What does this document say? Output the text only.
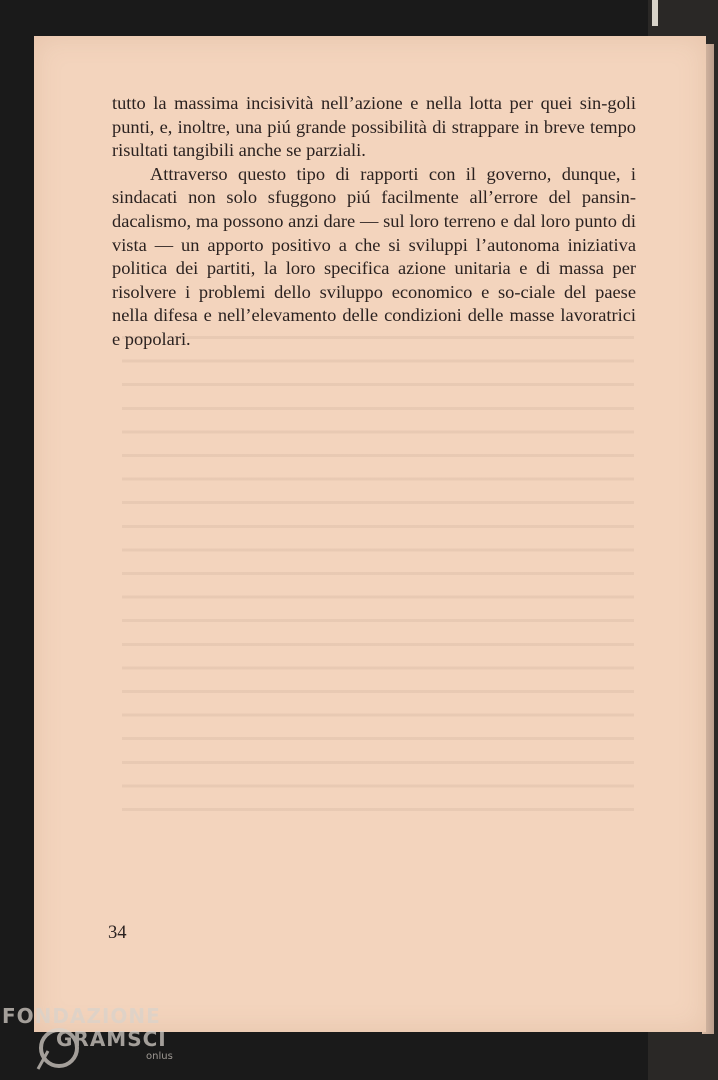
tutto la massima incisività nell’azione e nella lotta per quei sin-goli punti, e, inoltre, una piú grande possibilità di strappare in breve tempo risultati tangibili anche se parziali.

Attraverso questo tipo di rapporti con il governo, dunque, i sindacati non solo sfuggono piú facilmente all’errore del pansin-dacalismo, ma possono anzi dare — sul loro terreno e dal loro punto di vista — un apporto positivo a che si sviluppi l’autonoma iniziativa politica dei partiti, la loro specifica azione unitaria e di massa per risolvere i problemi dello sviluppo economico e so-ciale del paese nella difesa e nell’elevamento delle condizioni delle masse lavoratrici e popolari.

34
FONDAZIONE
GRAMSCI
onlus
